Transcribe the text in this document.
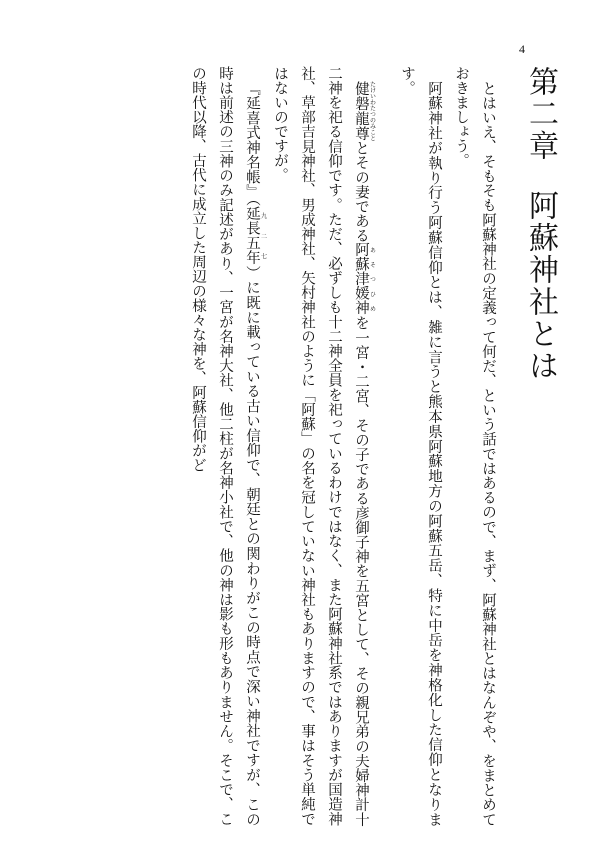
4
第二章阿蘇神社とは

とはいえ、そもそも阿蘇神社の定義って何だ、という話ではあるので、まず、阿蘇神社とはなんぞや、をまとめておきましょう。

阿蘇神社が執り行う阿蘇信仰とは、雑に言うと熊本県阿蘇地方の阿蘇五岳、特に中岳を神格化した信仰となります。

健磐龍尊 たけいわたつのみこととその妻である阿蘇津媛神 あそつひめを一宮・二宮、その子である彦御子神を五宮として、その親兄弟の夫婦神計十二神を祀る信仰です。ただ、必ずしも十二神全員を祀っているわけではなく、また阿蘇神社系ではありますが国造神社、草部吉見神社、男成神社、矢村神社のように「阿蘇」の名を冠していない神社もありますので、事はそう単純ではないのですが。

『延喜式神名帳』（延長五年 九二七）に既に載っている古い信仰で、朝廷との関わりがこの時点で深い神社ですが、この時は前述の三神のみ記述があり、一宮が名神大社、他二柱が名神小社で、他の神は影も形もありません。そこで、この時代以降、古代に成立した周辺の様々な神を、阿蘇信仰がど
